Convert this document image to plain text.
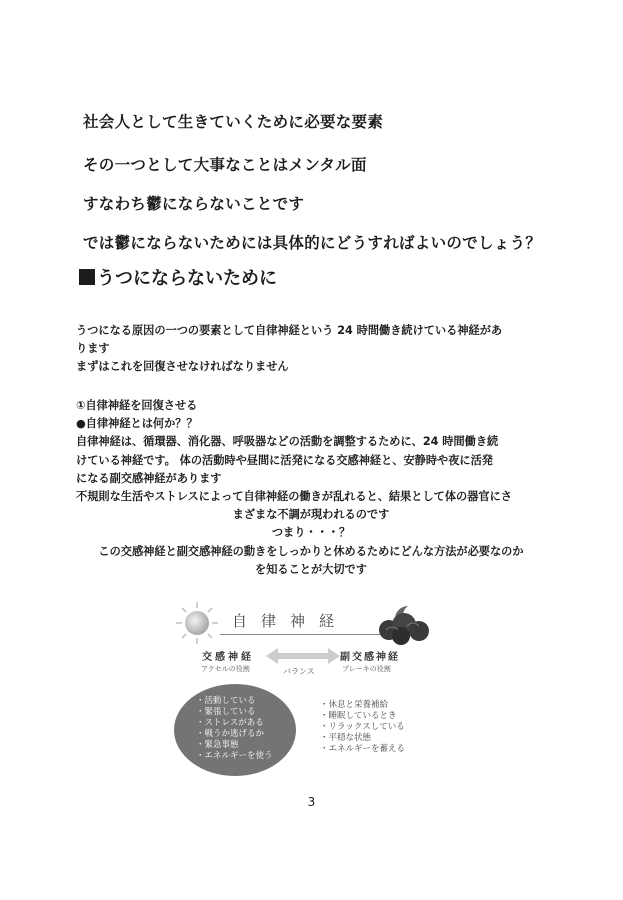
社会人として生きていくために必要な要素
その一つとして大事なことはメンタル面
すなわち鬱にならないことです
では鬱にならないためには具体的にどうすればよいのでしょう？
うつにならないために
うつになる原因の一つの要素として自律神経という 24 時間働き続けている神経があ
ります
まずはこれを回復させなければなりません
①自律神経を回復させる
●自律神経とは何か？？
自律神経は、循環器、消化器、呼吸器などの活動を調整するために、24 時間働き続
けている神経です。 体の活動時や昼間に活発になる交感神経と、安静時や夜に活発
になる副交感神経があります
不規則な生活やストレスによって自律神経の働きが乱れると、結果として体の器官にさ
まざまな不調が現われるのです
つまり・・・？
この交感神経と副交感神経の動きをしっかりと休めるためにどんな方法が必要なのか
を知ることが大切です
自律神経
交感神経
アクセルの役割	バランス
副交感神経
ブレーキの役割
・活動している
・緊張している
・ストレスがある
・戦うか逃げるか
・緊急事態
・エネルギーを使う
・休息と栄養補給
・睡眠しているとき
・リラックスしている
・平穏な状態
・エネルギーを蓄える
3
